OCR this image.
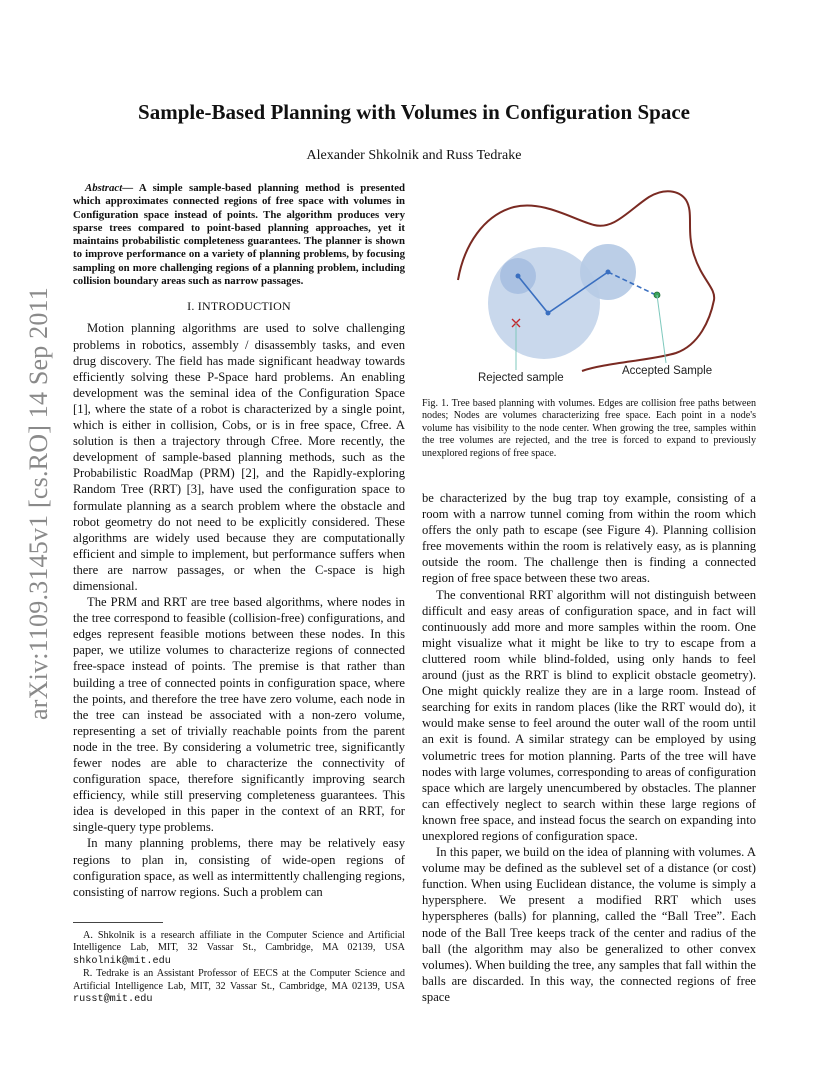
Sample-Based Planning with Volumes in Configuration Space
Alexander Shkolnik and Russ Tedrake
arXiv:1109.3145v1 [cs.RO] 14 Sep 2011

Abstract— A simple sample-based planning method is presented which approximates connected regions of free space with volumes in Configuration space instead of points. The algorithm produces very sparse trees compared to point-based planning approaches, yet it maintains probabilistic completeness guarantees. The planner is shown to improve performance on a variety of planning problems, by focusing sampling on more challenging regions of a planning problem, including collision boundary areas such as narrow passages.

I. INTRODUCTION

Motion planning algorithms are used to solve challenging problems in robotics, assembly / disassembly tasks, and even drug discovery. The field has made significant headway towards efficiently solving these P-Space hard problems. An enabling development was the seminal idea of the Configuration Space [1], where the state of a robot is characterized by a single point, which is either in collision, Cobs, or is in free space, Cfree. A solution is then a trajectory through Cfree. More recently, the development of sample-based planning methods, such as the Probabilistic RoadMap (PRM) [2], and the Rapidly-exploring Random Tree (RRT) [3], have used the configuration space to formulate planning as a search problem where the obstacle and robot geometry do not need to be explicitly considered. These algorithms are widely used because they are computationally efficient and simple to implement, but performance suffers when there are narrow passages, or when the C-space is high dimensional.

The PRM and RRT are tree based algorithms, where nodes in the tree correspond to feasible (collision-free) configurations, and edges represent feasible motions between these nodes. In this paper, we utilize volumes to characterize regions of connected free-space instead of points. The premise is that rather than building a tree of connected points in configuration space, where the points, and therefore the tree have zero volume, each node in the tree can instead be associated with a non-zero volume, representing a set of trivially reachable points from the parent node in the tree. By considering a volumetric tree, significantly fewer nodes are able to characterize the connectivity of configuration space, therefore significantly improving search efficiency, while still preserving completeness guarantees. This idea is developed in this paper in the context of an RRT, for single-query type problems.

In many planning problems, there may be relatively easy regions to plan in, consisting of wide-open regions of configuration space, as well as intermittently challenging regions, consisting of narrow regions. Such a problem can

A. Shkolnik is a research affiliate in the Computer Science and Artificial Intelligence Lab, MIT, 32 Vassar St., Cambridge, MA 02139, USA shkolnik@mit.edu

R. Tedrake is an Assistant Professor of EECS at the Computer Science and Artificial Intelligence Lab, MIT, 32 Vassar St., Cambridge, MA 02139, USA russt@mit.edu

Rejected sample
Accepted Sample
Fig. 1. Tree based planning with volumes. Edges are collision free paths between nodes; Nodes are volumes characterizing free space. Each point in a node's volume has visibility to the node center. When growing the tree, samples within the tree volumes are rejected, and the tree is forced to expand to previously unexplored regions of free space.

be characterized by the bug trap toy example, consisting of a room with a narrow tunnel coming from within the room which offers the only path to escape (see Figure 4). Planning collision free movements within the room is relatively easy, as is planning outside the room. The challenge then is finding a connected region of free space between these two areas.

The conventional RRT algorithm will not distinguish between difficult and easy areas of configuration space, and in fact will continuously add more and more samples within the room. One might visualize what it might be like to try to escape from a cluttered room while blind-folded, using only hands to feel around (just as the RRT is blind to explicit obstacle geometry). One might quickly realize they are in a large room. Instead of searching for exits in random places (like the RRT would do), it would make sense to feel around the outer wall of the room until an exit is found. A similar strategy can be employed by using volumetric trees for motion planning. Parts of the tree will have nodes with large volumes, corresponding to areas of configuration space which are largely unencumbered by obstacles. The planner can effectively neglect to search within these large regions of known free space, and instead focus the search on expanding into unexplored regions of configuration space.

In this paper, we build on the idea of planning with volumes. A volume may be defined as the sublevel set of a distance (or cost) function. When using Euclidean distance, the volume is simply a hypersphere. We present a modified RRT which uses hyperspheres (balls) for planning, called the “Ball Tree”. Each node of the Ball Tree keeps track of the center and radius of the ball (the algorithm may also be generalized to other convex volumes). When building the tree, any samples that fall within the balls are discarded. In this way, the connected regions of free space
